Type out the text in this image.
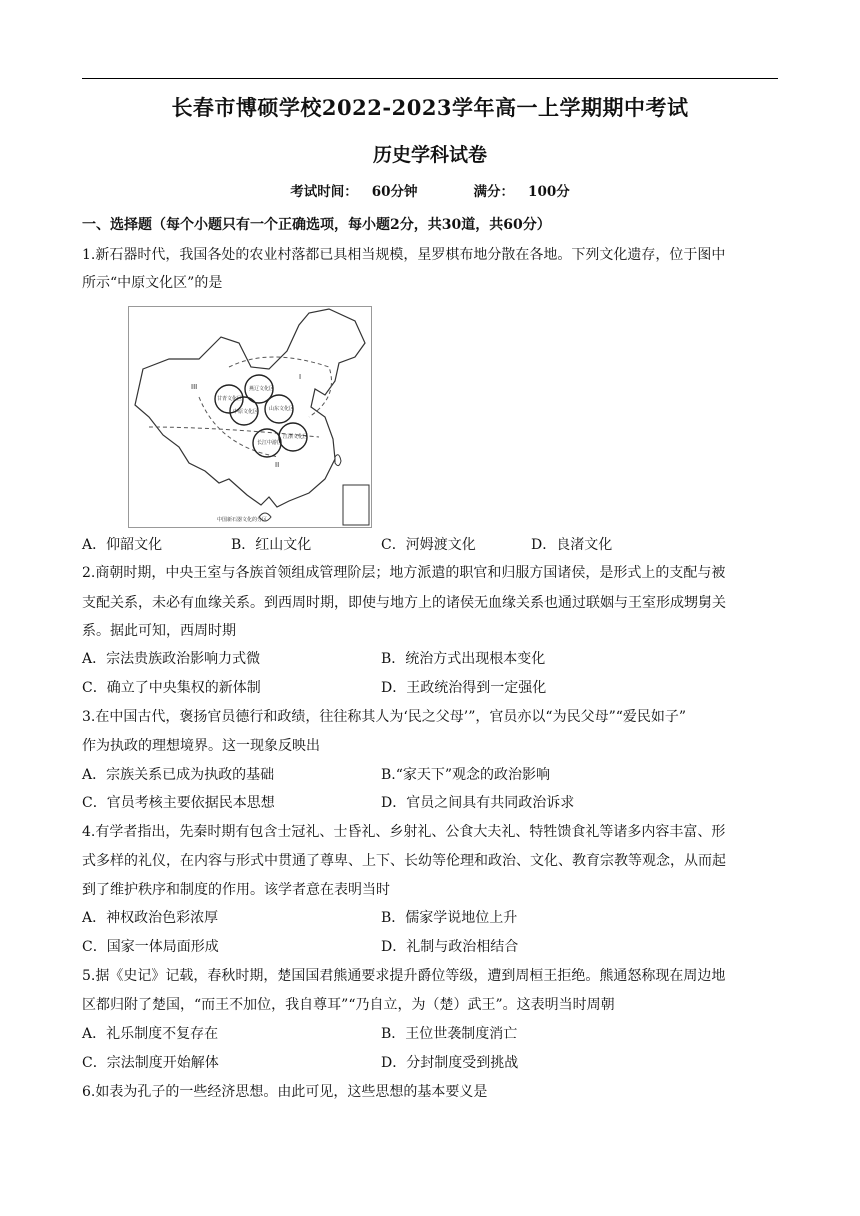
长春市博硕学校2022-2023学年高一上学期期中考试
历史学科试卷
考试时间： 60分钟	满分： 100分
一、选择题（每个小题只有一个正确选项，每小题2分，共30道，共60分）
1.新石器时代，我国各处的农业村落都已具相当规模，星罗棋布地分散在各地。下列文化遗存，位于图中
所示“中原文化区”的是
III
I
II
甘青文化区
中原文化区
燕辽文化区
山东文化区
江浙文化区
长江中游区
中国新石器文化的分区
A．仰韶文化	B．红山文化	C．河姆渡文化	D．良渚文化
2.商朝时期，中央王室与各族首领组成管理阶层；地方派遣的职官和归服方国诸侯，是形式上的支配与被
支配关系，未必有血缘关系。到西周时期，即使与地方上的诸侯无血缘关系也通过联姻与王室形成甥舅关
系。据此可知，西周时期
A．宗法贵族政治影响力式微	B．统治方式出现根本变化
C．确立了中央集权的新体制	D．王政统治得到一定强化
3.在中国古代，褒扬官员德行和政绩，往往称其人为‘民之父母’”，官员亦以“为民父母”“爱民如子”
作为执政的理想境界。这一现象反映出
A．宗族关系已成为执政的基础	B.“家天下”观念的政治影响
C．官员考核主要依据民本思想	D．官员之间具有共同政治诉求
4.有学者指出，先秦时期有包含士冠礼、士昏礼、乡射礼、公食大夫礼、特牲馈食礼等诸多内容丰富、形
式多样的礼仪，在内容与形式中贯通了尊卑、上下、长幼等伦理和政治、文化、教育宗教等观念，从而起
到了维护秩序和制度的作用。该学者意在表明当时
A．神权政治色彩浓厚	B．儒家学说地位上升
C．国家一体局面形成	D．礼制与政治相结合
5.据《史记》记载，春秋时期，楚国国君熊通要求提升爵位等级，遭到周桓王拒绝。熊通怒称现在周边地
区都归附了楚国，“而王不加位，我自尊耳”“乃自立，为（楚）武王”。这表明当时周朝
A．礼乐制度不复存在	B．王位世袭制度消亡
C．宗法制度开始解体	D．分封制度受到挑战
6.如表为孔子的一些经济思想。由此可见，这些思想的基本要义是
